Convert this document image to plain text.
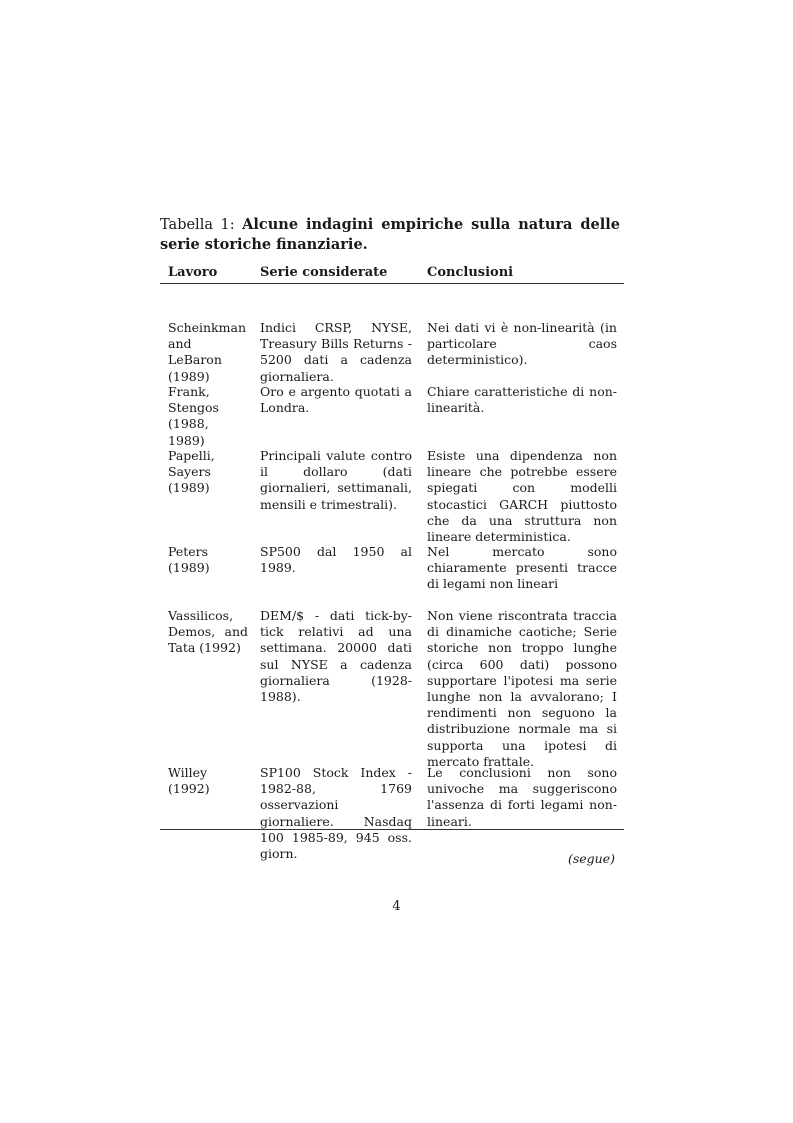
Tabella 1: Alcune indagini empiriche sulla natura delle serie storiche finanziarie.
Lavoro	Serie considerate	Conclusioni
Scheinkman and LeBaron (1989)
Indici CRSP, NYSE, Treasury Bills Returns - 5200 dati a cadenza giornaliera.
Nei dati vi è non-linearità (in particolare caos deterministico).
Frank, Stengos (1988, 1989)
Oro e argento quotati a Londra.
Chiare caratteristiche di non-linearità.
Papelli, Sayers (1989)
Principali valute contro il dollaro (dati giornalieri, settimanali, mensili e trimestrali).
Esiste una dipendenza non lineare che potrebbe essere spiegati con modelli stocastici GARCH piuttosto che da una struttura non lineare deterministica.
Peters (1989)
SP500 dal 1950 al 1989.
Nel mercato sono chiaramente presenti tracce di legami non lineari
Vassilicos, Demos, and Tata (1992)
DEM/$ - dati tick-by-tick relativi ad una settimana. 20000 dati sul NYSE a cadenza giornaliera (1928-1988).
Non viene riscontrata traccia di dinamiche caotiche; Serie storiche non troppo lunghe (circa 600 dati) possono supportare l'ipotesi ma serie lunghe non la avvalorano; I rendimenti non seguono la distribuzione normale ma si supporta una ipotesi di mercato frattale.
Willey (1992)
SP100 Stock Index - 1982-88, 1769 osservazioni giornaliere. Nasdaq 100 1985-89, 945 oss. giorn.
Le conclusioni non sono univoche ma suggeriscono l'assenza di forti legami non-lineari.
(segue)
4
